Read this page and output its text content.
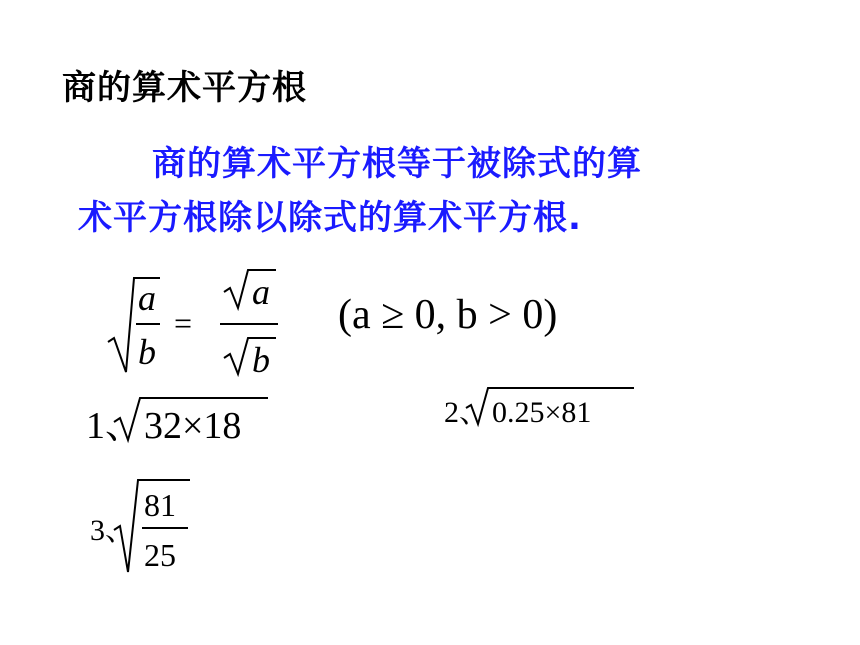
商的算术平方根
商的算术平方根等于被除式的算
术平方根除以除式的算术平方根.
a
b
=
a
b
(a ≥ 0, b > 0)
1、 32×18	2、 0.25×81
3、
81
25
